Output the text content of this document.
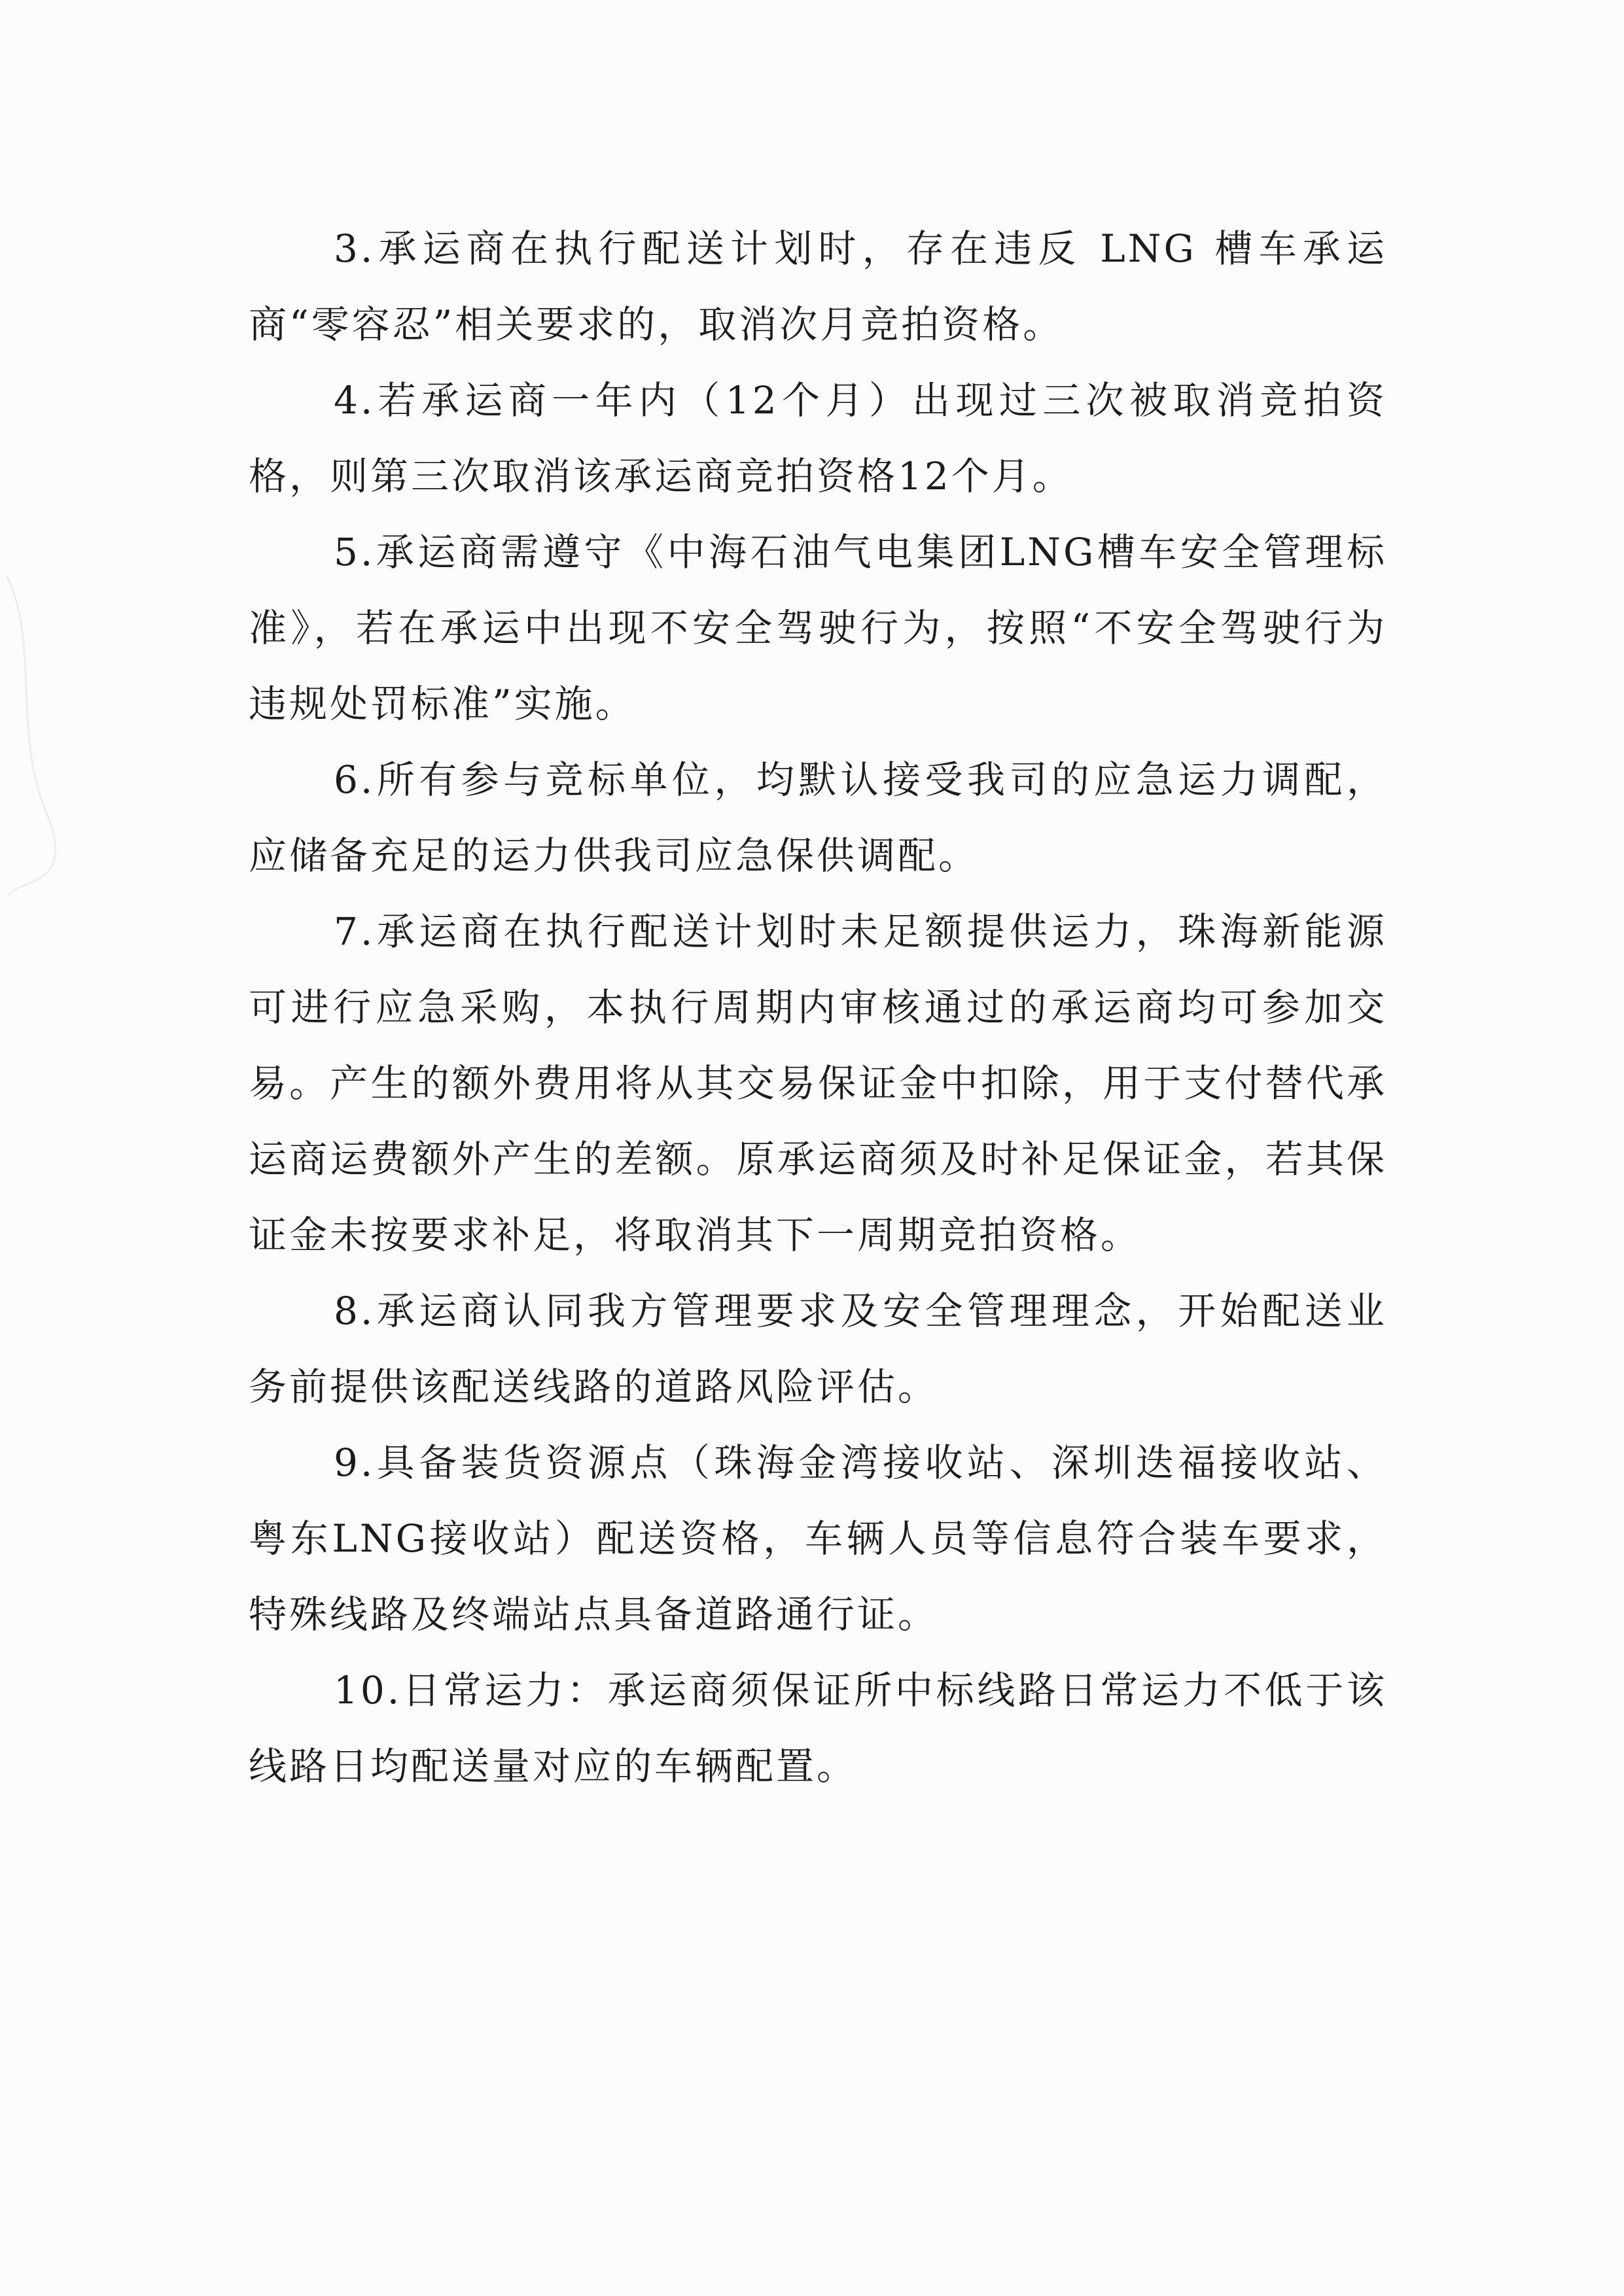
3.承运商在执行配送计划时，存在违反 LNG 槽车承运商“零容忍”相关要求的，取消次月竞拍资格。

4.若承运商一年内（12个月）出现过三次被取消竞拍资格，则第三次取消该承运商竞拍资格12个月。

5.承运商需遵守《中海石油气电集团LNG槽车安全管理标准》，若在承运中出现不安全驾驶行为，按照“不安全驾驶行为违规处罚标准”实施。

6.所有参与竞标单位，均默认接受我司的应急运力调配，应储备充足的运力供我司应急保供调配。

7.承运商在执行配送计划时未足额提供运力，珠海新能源可进行应急采购，本执行周期内审核通过的承运商均可参加交易。产生的额外费用将从其交易保证金中扣除，用于支付替代承运商运费额外产生的差额。原承运商须及时补足保证金，若其保证金未按要求补足，将取消其下一周期竞拍资格。

8.承运商认同我方管理要求及安全管理理念，开始配送业务前提供该配送线路的道路风险评估。

9.具备装货资源点（珠海金湾接收站、深圳迭福接收站、粤东LNG接收站）配送资格，车辆人员等信息符合装车要求，特殊线路及终端站点具备道路通行证。

10.日常运力：承运商须保证所中标线路日常运力不低于该线路日均配送量对应的车辆配置。
